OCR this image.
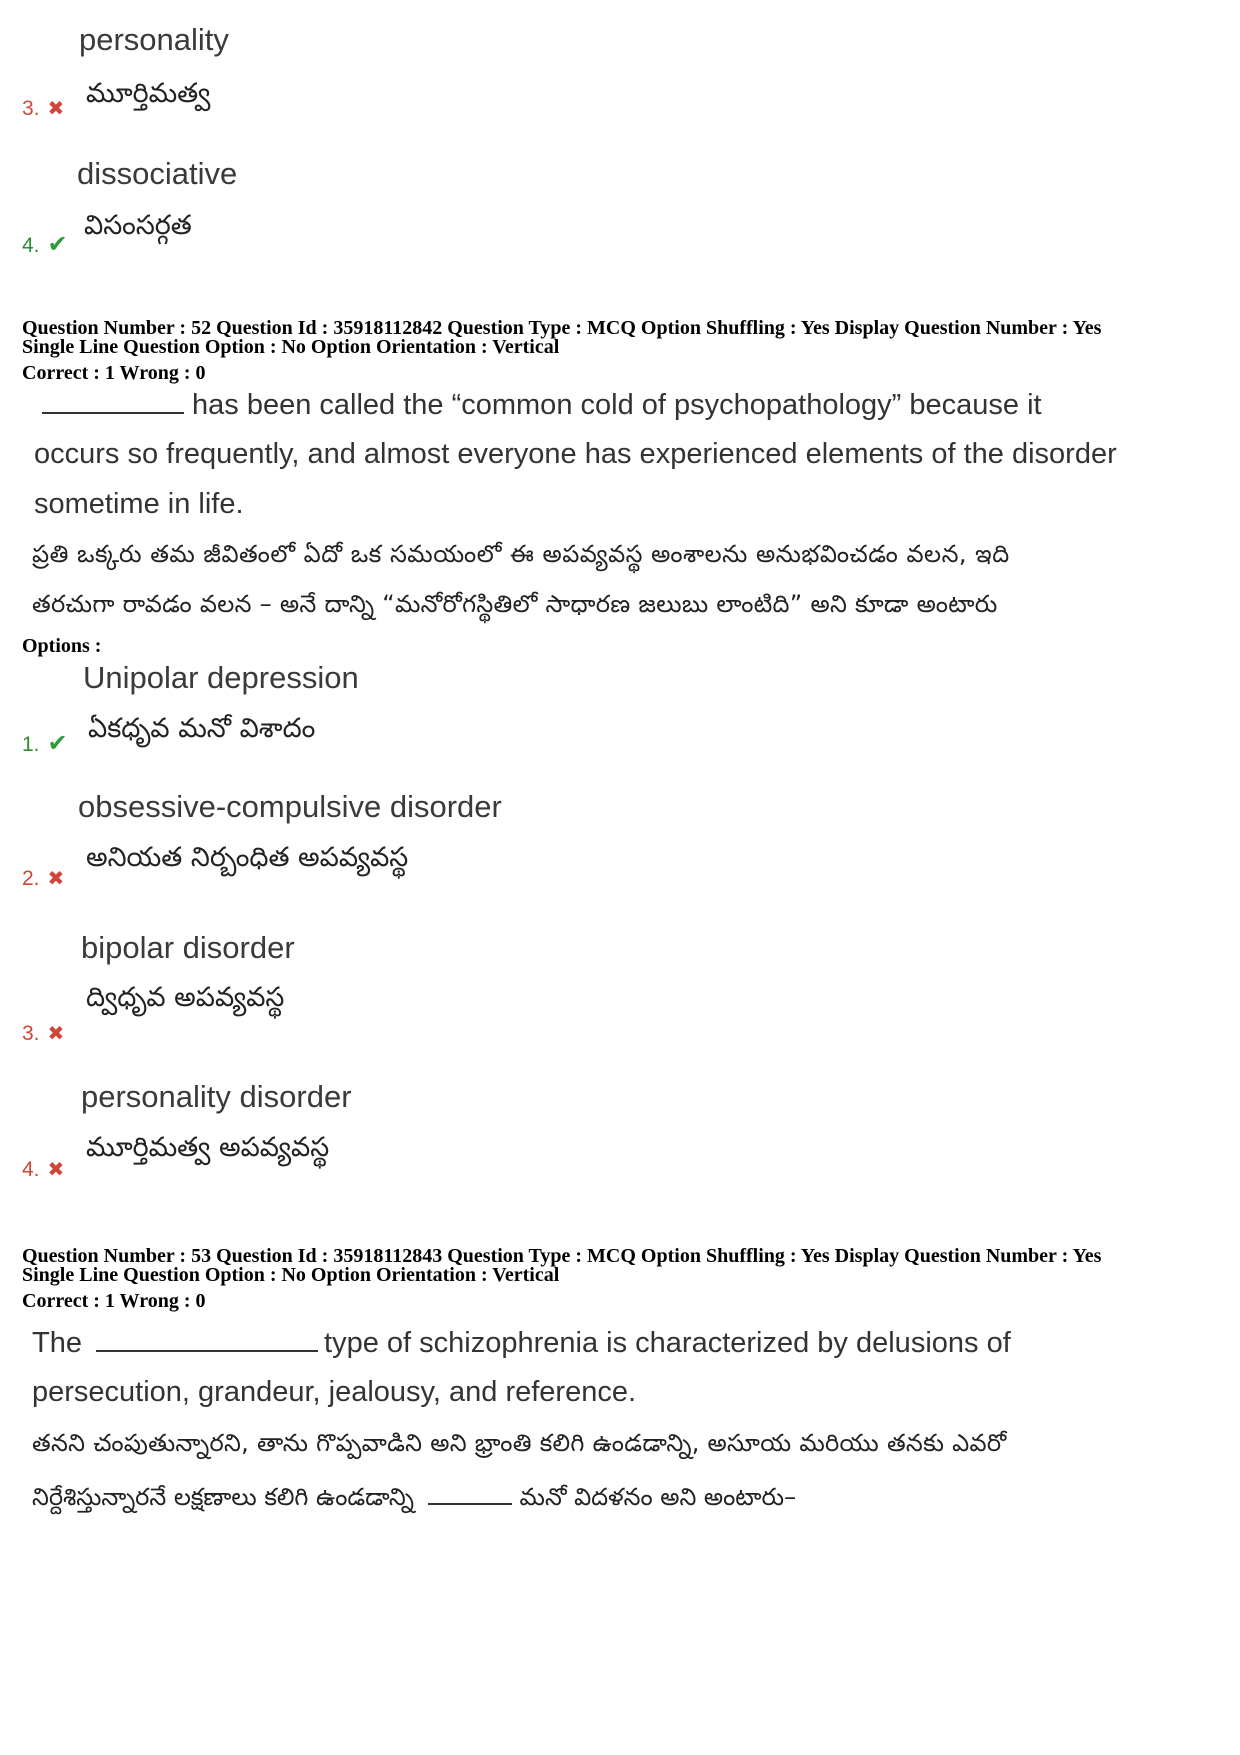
personality
3. ✖ మూర్తిమత్వ
dissociative
4. ✔
విసంసర్గత
Question Number : 52 Question Id : 35918112842 Question Type : MCQ Option Shuffling : Yes Display Question Number : Yes
Single Line Question Option : No Option Orientation : Vertical
Correct : 1 Wrong : 0
has been called the “common cold of psychopathology” because it
occurs so frequently, and almost everyone has experienced elements of the disorder
sometime in life.
ప్రతి ఒక్కరు తమ జీవితంలో ఏదో ఒక సమయంలో ఈ అపవ్యవస్థ అంశాలను అనుభవించడం వలన, ఇది
తరచుగా రావడం వలన – అనే దాన్ని “మనోరోగస్థితిలో సాధారణ జలుబు లాంటిది” అని కూడా అంటారు
Options :
Unipolar depression
1. ✔ ఏకధృవ మనో విశాదం
obsessive-compulsive disorder
2. ✖
అనియత నిర్బంధిత అపవ్యవస్థ
bipolar disorder
ద్విధృవ అపవ్యవస్థ
3. ✖
personality disorder
మూర్తిమత్వ అపవ్యవస్థ
4. ✖
Question Number : 53 Question Id : 35918112843 Question Type : MCQ Option Shuffling : Yes Display Question Number : Yes
Single Line Question Option : No Option Orientation : Vertical
Correct : 1 Wrong : 0
The	type of schizophrenia is characterized by delusions of
persecution, grandeur, jealousy, and reference.
తనని చంపుతున్నారని, తాను గొప్పవాడిని అని భ్రాంతి కలిగి ఉండడాన్ని, అసూయ మరియు తనకు ఎవరో
నిర్దేశిస్తున్నారనే లక్షణాలు కలిగి ఉండడాన్ని	మనో విదళనం అని అంటారు–
